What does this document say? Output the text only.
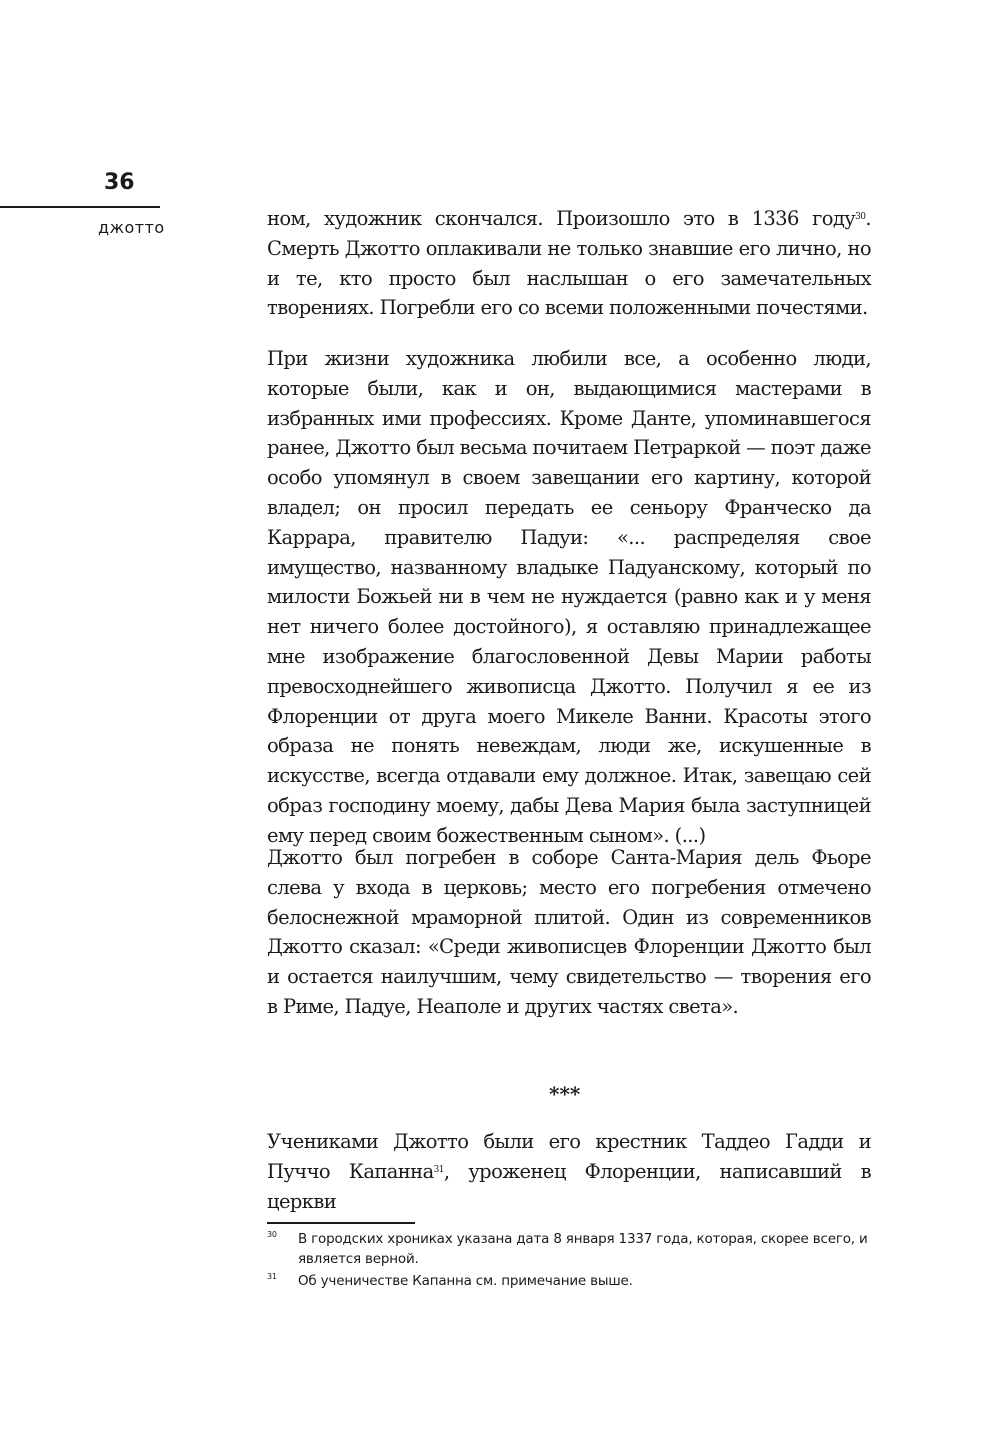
36
джотто	ном, художник скончался. Произошло это в 1336 году$^{30}$. Смерть Джотто оплакивали не только знавшие его лично, но и те, кто просто был наслышан о его замечательных творениях. Погребли его со всеми положенными почестями.

При жизни художника любили все, а особенно люди, которые были, как и он, выдающимися мастерами в избранных ими профессиях. Кроме Данте, упоминавшегося ранее, Джотто был весьма почитаем Петраркой — поэт даже особо упомянул в своем завещании его картину, которой владел; он просил передать ее сеньору Франческо да Каррара, правителю Падуи: «... распределяя свое имущество, названному владыке Падуанскому, который по милости Божьей ни в чем не нуждается (равно как и у меня нет ничего более достойного), я оставляю принадлежащее мне изображение благословенной Девы Марии работы превосходнейшего живописца Джотто. Получил я ее из Флоренции от друга моего Микеле Ванни. Красоты этого образа не понять невеждам, люди же, искушенные в искусстве, всегда отдавали ему должное. Итак, завещаю сей образ господину моему, дабы Дева Мария была заступницей ему перед своим божественным сыном». (...)

Джотто был погребен в соборе Санта-Мария дель Фьоре слева у входа в церковь; место его погребения отмечено белоснежной мраморной плитой. Один из современников Джотто сказал: «Среди живописцев Флоренции Джотто был и остается наилучшим, чему свидетельство — творения его в Риме, Падуе, Неаполе и других частях света».

***

Учениками Джотто были его крестник Таддео Гадди и Пуччо Капанна$^{31}$, уроженец Флоренции, написавший в церкви

30	В городских хрониках указана дата 8 января 1337 года, которая, скорее всего, и является верной.
31	Об ученичестве Капанна см. примечание выше.
